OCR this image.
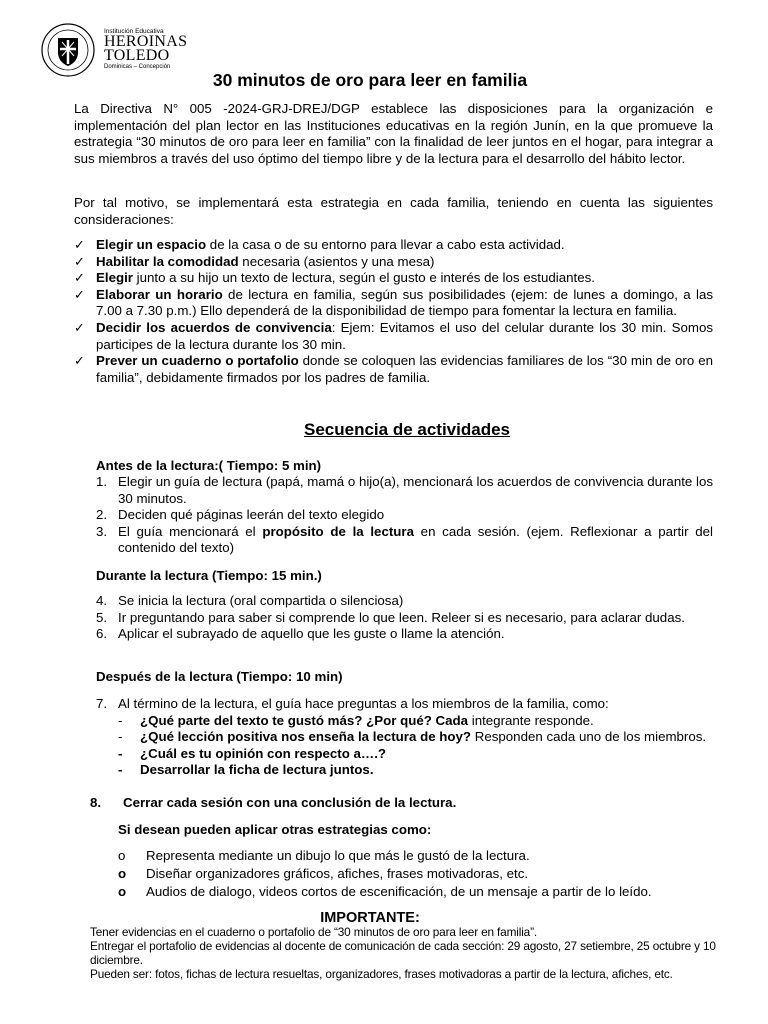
Institución Educativa
HEROINAS
TOLEDO
Dominicas – Concepción
30 minutos de oro para leer en familia
La Directiva N° 005 -2024-GRJ-DREJ/DGP establece las disposiciones para la organización e implementación del plan lector en las Instituciones educativas en la región Junín, en la que promueve la estrategia “30 minutos de oro para leer en familia” con la finalidad de leer juntos en el hogar, para integrar a sus miembros a través del uso óptimo del tiempo libre y de la lectura para el desarrollo del hábito lector.
Por tal motivo, se implementará esta estrategia en cada familia, teniendo en cuenta las siguientes consideraciones:
✓ Elegir un espacio de la casa o de su entorno para llevar a cabo esta actividad.
✓ Habilitar la comodidad necesaria (asientos y una mesa)
✓ Elegir junto a su hijo un texto de lectura, según el gusto e interés de los estudiantes.
✓ Elaborar un horario de lectura en familia, según sus posibilidades (ejem: de lunes a domingo, a las 7.00 a 7.30 p.m.) Ello dependerá de la disponibilidad de tiempo para fomentar la lectura en familia.
✓ Decidir los acuerdos de convivencia: Ejem: Evitamos el uso del celular durante los 30 min. Somos participes de la lectura durante los 30 min.
✓ Prever un cuaderno o portafolio donde se coloquen las evidencias familiares de los “30 min de oro en familia”, debidamente firmados por los padres de familia.
Secuencia de actividades
Antes de la lectura:( Tiempo: 5 min)
1. Elegir un guía de lectura (papá, mamá o hijo(a), mencionará los acuerdos de convivencia durante los 30 minutos.
2. Deciden qué páginas leerán del texto elegido
3. El guía mencionará el propósito de la lectura en cada sesión. (ejem. Reflexionar a partir del contenido del texto)
Durante la lectura (Tiempo: 15 min.)
4. Se inicia la lectura (oral compartida o silenciosa)
5. Ir preguntando para saber si comprende lo que leen. Releer si es necesario, para aclarar dudas.
6. Aplicar el subrayado de aquello que les guste o llame la atención.
Después de la lectura (Tiempo: 10 min)
7. Al término de la lectura, el guía hace preguntas a los miembros de la familia, como:
- ¿Qué parte del texto te gustó más? ¿Por qué? Cada integrante responde.
- ¿Qué lección positiva nos enseña la lectura de hoy? Responden cada uno de los miembros.
- ¿Cuál es tu opinión con respecto a….?
- Desarrollar la ficha de lectura juntos.
8. Cerrar cada sesión con una conclusión de la lectura.
Si desean pueden aplicar otras estrategias como:
o Representa mediante un dibujo lo que más le gustó de la lectura.
o Diseñar organizadores gráficos, afiches, frases motivadoras, etc.
o Audios de dialogo, videos cortos de escenificación, de un mensaje a partir de lo leído.
IMPORTANTE:
Tener evidencias en el cuaderno o portafolio de “30 minutos de oro para leer en familia”.
Entregar el portafolio de evidencias al docente de comunicación de cada sección: 29 agosto, 27 setiembre, 25 octubre y 10 diciembre.
Pueden ser: fotos, fichas de lectura resueltas, organizadores, frases motivadoras a partir de la lectura, afiches, etc.
